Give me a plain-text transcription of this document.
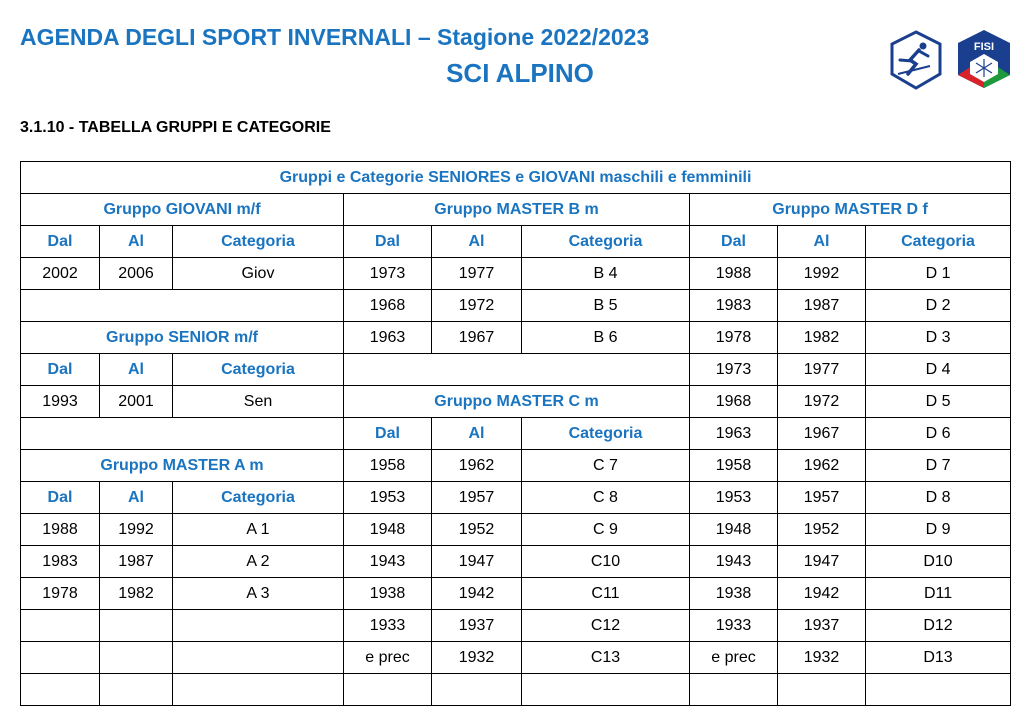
AGENDA DEGLI SPORT INVERNALI – Stagione 2022/2023
SCI ALPINO
FISI
3.1.10 - TABELLA GRUPPI E CATEGORIE
Gruppi e Categorie SENIORES e GIOVANI maschili e femminili								
Gruppo GIOVANI m/f			Gruppo MASTER B m			Gruppo MASTER D f		
Dal	Al	Categoria	Dal	Al	Categoria	Dal	Al	Categoria
2002	2006	Giov	1973	1977	B 4	1988	1992	D 1
			1968	1972	B 5	1983	1987	D 2
Gruppo SENIOR m/f			1963	1967	B 6	1978	1982	D 3
Dal	Al	Categoria				1973	1977	D 4
1993	2001	Sen	Gruppo MASTER C m			1968	1972	D 5
			Dal	Al	Categoria	1963	1967	D 6
Gruppo MASTER A m			1958	1962	C 7	1958	1962	D 7
Dal	Al	Categoria	1953	1957	C 8	1953	1957	D 8
1988	1992	A 1	1948	1952	C 9	1948	1952	D 9
1983	1987	A 2	1943	1947	C10	1943	1947	D10
1978	1982	A 3	1938	1942	C11	1938	1942	D11
			1933	1937	C12	1933	1937	D12
			e prec	1932	C13	e prec	1932	D13
